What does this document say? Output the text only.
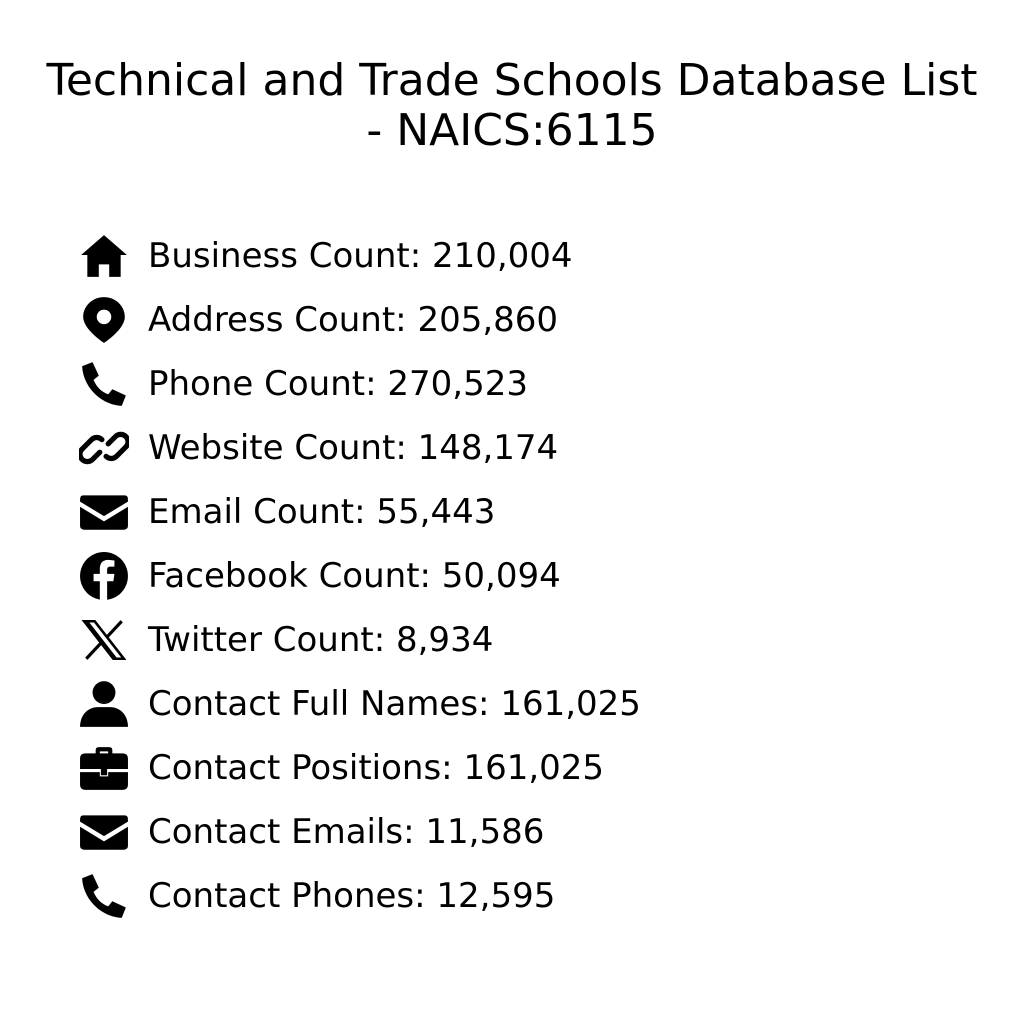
Technical and Trade Schools Database List - NAICS:6115
Business Count: 210,004
Address Count: 205,860
Phone Count: 270,523
Website Count: 148,174
Email Count: 55,443
Facebook Count: 50,094
Twitter Count: 8,934
Contact Full Names: 161,025
Contact Positions: 161,025
Contact Emails: 11,586
Contact Phones: 12,595
